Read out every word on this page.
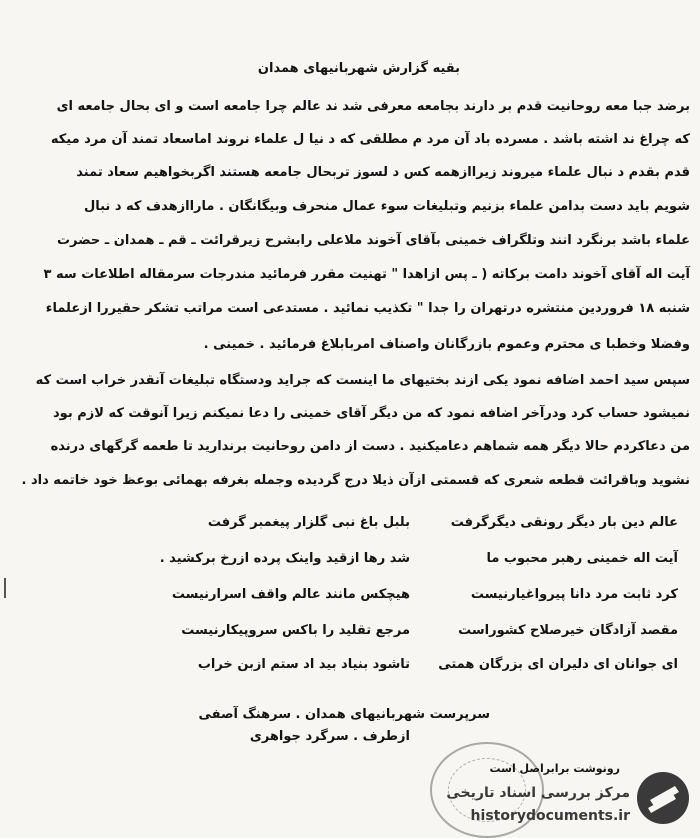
بقیه گزارش شهربانیهای همدان
برضد جبا معه روحانیت قدم بر دارند بجامعه معرفی شد ند عالم چرا جامعه است و ای بحال جامعه ای
که چراغ ند اشته باشد . مسرده باد آن مرد م مطلقی که د نیا ل علماء نروند اماسعاد تمند آن مرد میکه
قدم بقدم د نبال علماء میروند زیراازهمه کس د لسوز تربحال جامعه هستند اگربخواهیم سعاد تمند
شویم باید دست بدامن علماء بزنیم وتبلیغات سوء عمال منحرف وبیگانگان . ماراازهدف که د نبال
علماء باشد برنگرد انند وتلگراف خمینی بآقای آخوند ملاعلی رابشرح زیرقرائت ـ قم ـ همدان ـ حضرت
آیت اله آقای آخوند دامت برکاته ( ـ پس ازاهدا " تهنیت مقرر فرمائید مندرجات سرمقاله اطلاعات سه ۳
شنبه ۱۸ فروردین منتشره درتهران را جدا " تکذیب نمائید . مستدعی است مراتب تشکر حقیررا ازعلماء
وفضلا وخطبا ی محترم وعموم بازرگانان واصناف امربابلاغ فرمائید . خمینی .
سپس سید احمد اضافه نمود یکی ازند بختیهای ما اینست که جراید ودستگاه تبلیغات آنقدر خراب است که
نمیشود حساب کرد ودرآخر اضافه نمود که من دیگر آقای خمینی را دعا نمیکنم زیرا آنوقت که لازم بود
من دعاکردم حالا دیگر همه شماهم دعامیکنید . دست از دامن روحانیت برندارید تا طعمه گرگهای درنده
نشوید وباقرائت قطعه شعری که قسمتی ازآن ذیلا درج گردیده وجمله بغرفه بهمائی بوعظ خود خاتمه داد .
عالم دین بار دیگر رونقی دیگرگرفت
بلبل باغ نبی گلزار پیغمبر گرفت
آیت اله خمینی رهبر محبوب ما
شد رها ازقید واینک پرده ازرخ برکشید .
کرد ثابت مرد دانا پیرواغیارنیست
هیچکس مانند عالم واقف اسرارنیست
مقصد آزادگان خیرصلاح کشوراست
مرجع تقلید را باکس سروپیکارنیست
ای جوانان ای دلیران ای بزرگان همتی
تاشود بنیاد بید اد ستم ازبن خراب
سرپرست شهربانیهای همدان . سرهنگ آصفی
ازطرف . سرگرد جواهری
رونوشت برابراصل است
مرکز بررسی اسناد تاریخی
historydocuments.ir
